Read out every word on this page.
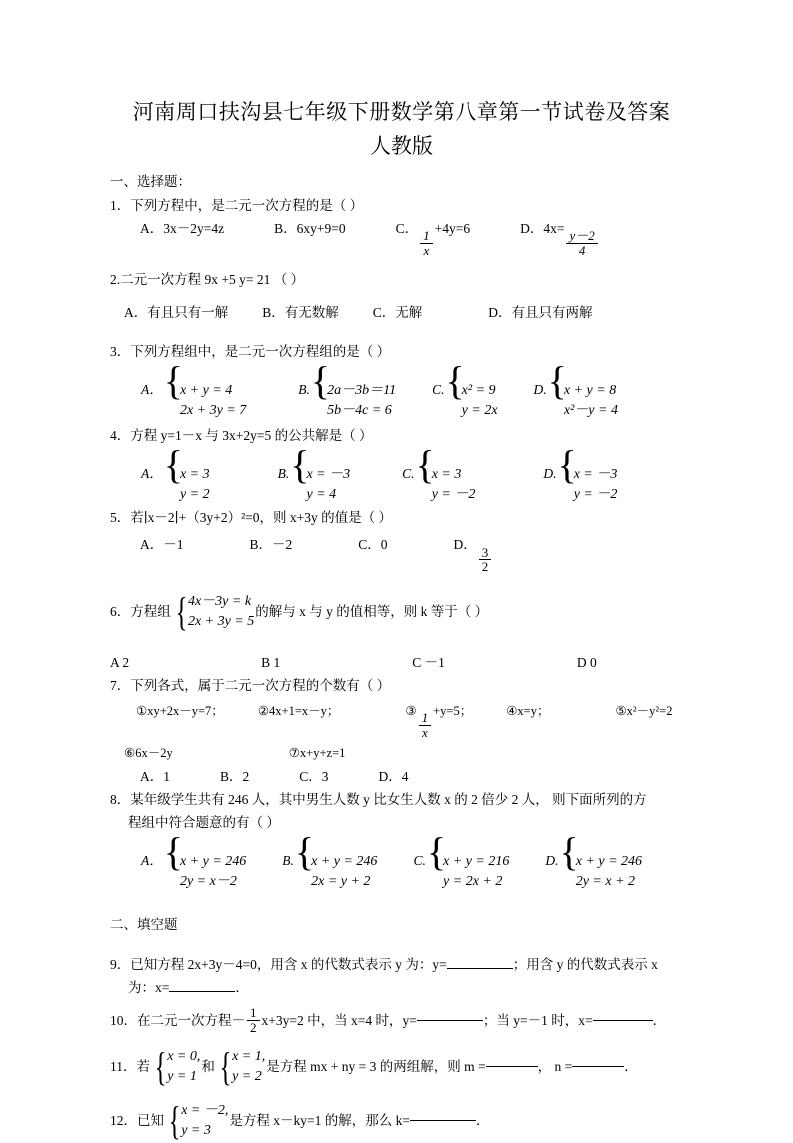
河南周口扶沟县七年级下册数学第八章第一节试卷及答案
人教版
一、选择题：
1．下列方程中，是二元一次方程的是（ ）
A．3x－2y=4z	B．6xy+9=0	C．
$\frac{1}{x}$
+4y=6	D．4x=
$\frac{y-2}{4}$
2.二元一次方程 9x +5 y= 21 （ ）
A．有且只有一解	B．有无数解	C．无解	D．有且只有两解
3．下列方程组中，是二元一次方程组的是（ ）
A．{
x + y = 4
2x + 3y = 7
B.{
2a－3b＝11
5b－4c = 6
C.{
x² = 9
y = 2x
D.{
x + y = 8
x²－y = 4
4．方程 y=1－x 与 3x+2y=5 的公共解是（ ）
A．{
x = 3
y = 2
B.{
x = －3
y = 4
C.{
x = 3
y = －2
D.{
x = －3
y = －2
5．若∣x－2∣+（3y+2）²=0，则 x+3y 的值是（ ）
A．－1	B．－2	C．0	D．
$\frac{3}{2}$
6．方程组 { 4x－3y = k
2x + 3y = 5
的解与 x 与 y 的值相等，则 k 等于（ ）
A 2	B 1	C －1	D 0
7．下列各式，属于二元一次方程的个数有（ ）
①xy+2x－y=7；	②4x+1=x－y；	③
$\frac{1}{x}$
+y=5；	④x=y；	⑤x²－y²=2
⑥6x－2y	⑦x+y+z=1
A．1	B．2	C．3	D．4
8．某年级学生共有 246 人，其中男生人数 y 比女生人数 x 的 2 倍少 2 人， 则下面所列的方
程组中符合题意的有（ ）
A．{
x + y = 246
2y = x－2
B.{
x + y = 246
2x = y + 2
C.{
x + y = 216
y = 2x + 2
D.{
x + y = 246
2y = x + 2
二、填空题
9．已知方程 2x+3y－4=0，用含 x 的代数式表示 y 为：y=	；用含 y 的代数式表示 x
为：x=	．
10．在二元一次方程－ $\frac{1}{2} x+3y=2$ 中，当 x=4 时，y=	；当 y=－1 时，x=	．
11．若 { x = 0,
y = 1
和 { x = 1,
y = 2
是方程 mx + ny = 3 的两组解，则 m =	， n =	．
12．已知 { x = －2,
y = 3
是方程 x－ky=1 的解，那么 k=	．
